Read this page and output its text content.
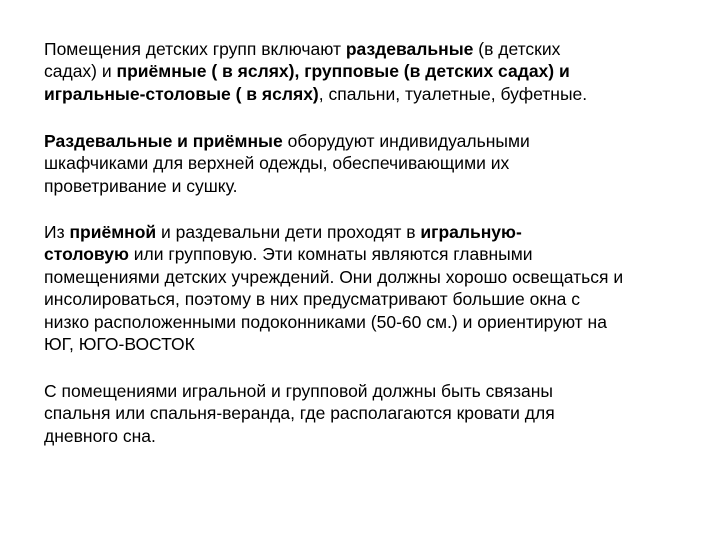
Помещения детских групп включают раздевальные (в детских
садах) и приёмные ( в яслях), групповые (в детских садах) и
игральные-столовые ( в яслях), спальни, туалетные, буфетные.

Раздевальные и приёмные оборудуют индивидуальными
шкафчиками для верхней одежды, обеспечивающими их
проветривание и сушку.

Из приёмной и раздевальни дети проходят в игральную-
столовую или групповую. Эти комнаты являются главными
помещениями детских учреждений. Они должны хорошо освещаться и
инсолироваться, поэтому в них предусматривают большие окна с
низко расположенными подоконниками (50-60 см.) и ориентируют на
ЮГ, ЮГО-ВОСТОК

С помещениями игральной и групповой должны быть связаны
спальня или спальня-веранда, где располагаются кровати для
дневного сна.
